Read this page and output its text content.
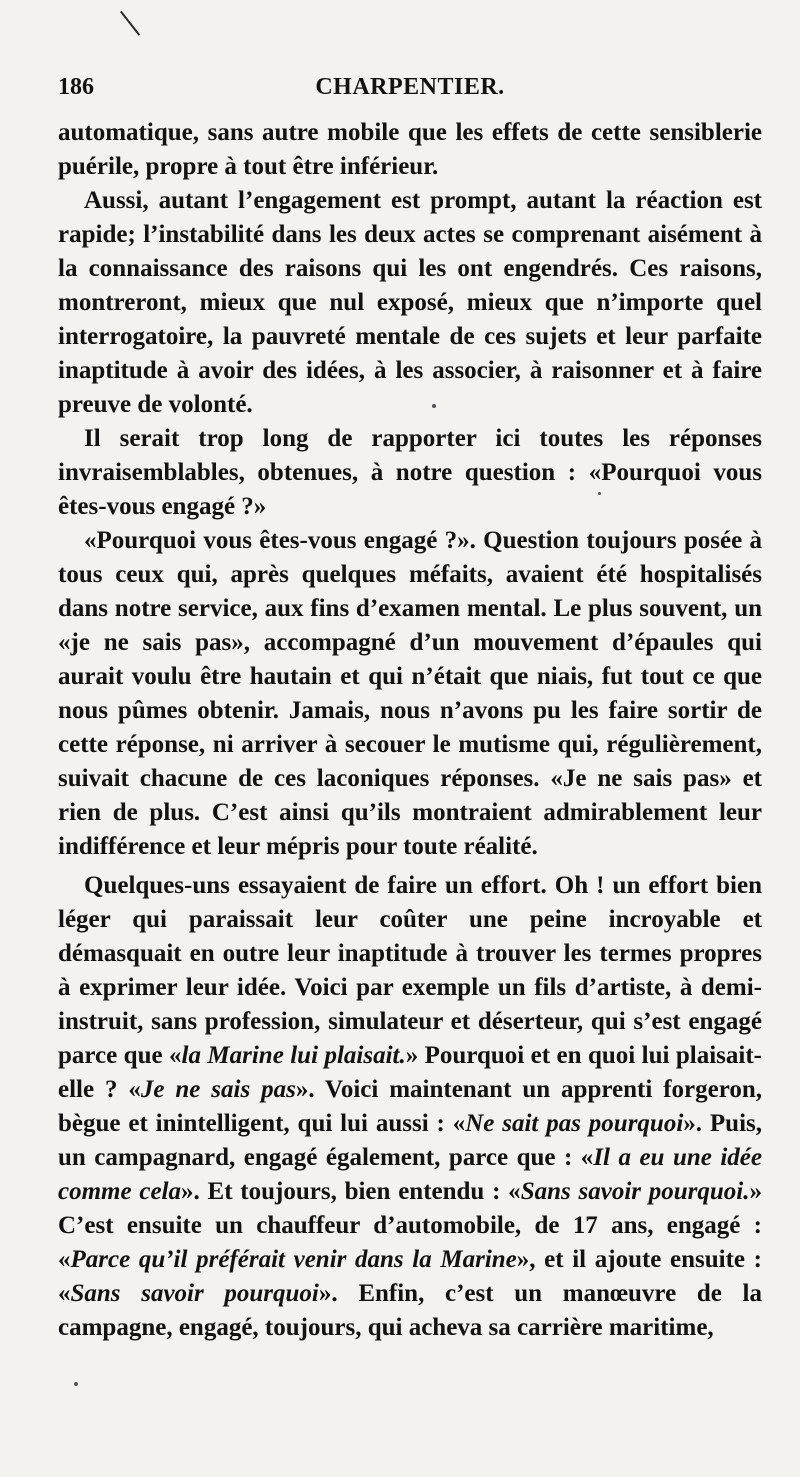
186	CHARPENTIER.

automatique, sans autre mobile que les effets de cette sensiblerie puérile, propre à tout être inférieur.

Aussi, autant l’engagement est prompt, autant la réaction est rapide; l’instabilité dans les deux actes se comprenant aisément à la connaissance des raisons qui les ont engendrés. Ces raisons, montreront, mieux que nul exposé, mieux que n’importe quel interrogatoire, la pauvreté mentale de ces sujets et leur parfaite inaptitude à avoir des idées, à les associer, à raisonner et à faire preuve de volonté.

Il serait trop long de rapporter ici toutes les réponses invraisemblables, obtenues, à notre question : «Pourquoi vous êtes-vous engagé ?»

«Pourquoi vous êtes-vous engagé ?». Question toujours posée à tous ceux qui, après quelques méfaits, avaient été hospitalisés dans notre service, aux fins d’examen mental. Le plus souvent, un «je ne sais pas», accompagné d’un mouvement d’épaules qui aurait voulu être hautain et qui n’était que niais, fut tout ce que nous pûmes obtenir. Jamais, nous n’avons pu les faire sortir de cette réponse, ni arriver à secouer le mutisme qui, régulièrement, suivait chacune de ces laconiques réponses. «Je ne sais pas» et rien de plus. C’est ainsi qu’ils montraient admirablement leur indifférence et leur mépris pour toute réalité.

Quelques-uns essayaient de faire un effort. Oh ! un effort bien léger qui paraissait leur coûter une peine incroyable et démasquait en outre leur inaptitude à trouver les termes propres à exprimer leur idée. Voici par exemple un fils d’artiste, à demi-instruit, sans profession, simulateur et déserteur, qui s’est engagé parce que «la Marine lui plaisait.» Pourquoi et en quoi lui plaisait-elle ? «Je ne sais pas». Voici maintenant un apprenti forgeron, bègue et inintelligent, qui lui aussi : «Ne sait pas pourquoi». Puis, un campagnard, engagé également, parce que : «Il a eu une idée comme cela». Et toujours, bien entendu : «Sans savoir pourquoi.» C’est ensuite un chauffeur d’automobile, de 17 ans, engagé : «Parce qu’il préférait venir dans la Marine», et il ajoute ensuite : «Sans savoir pourquoi». Enfin, c’est un manœuvre de la campagne, engagé, toujours, qui acheva sa carrière maritime,
